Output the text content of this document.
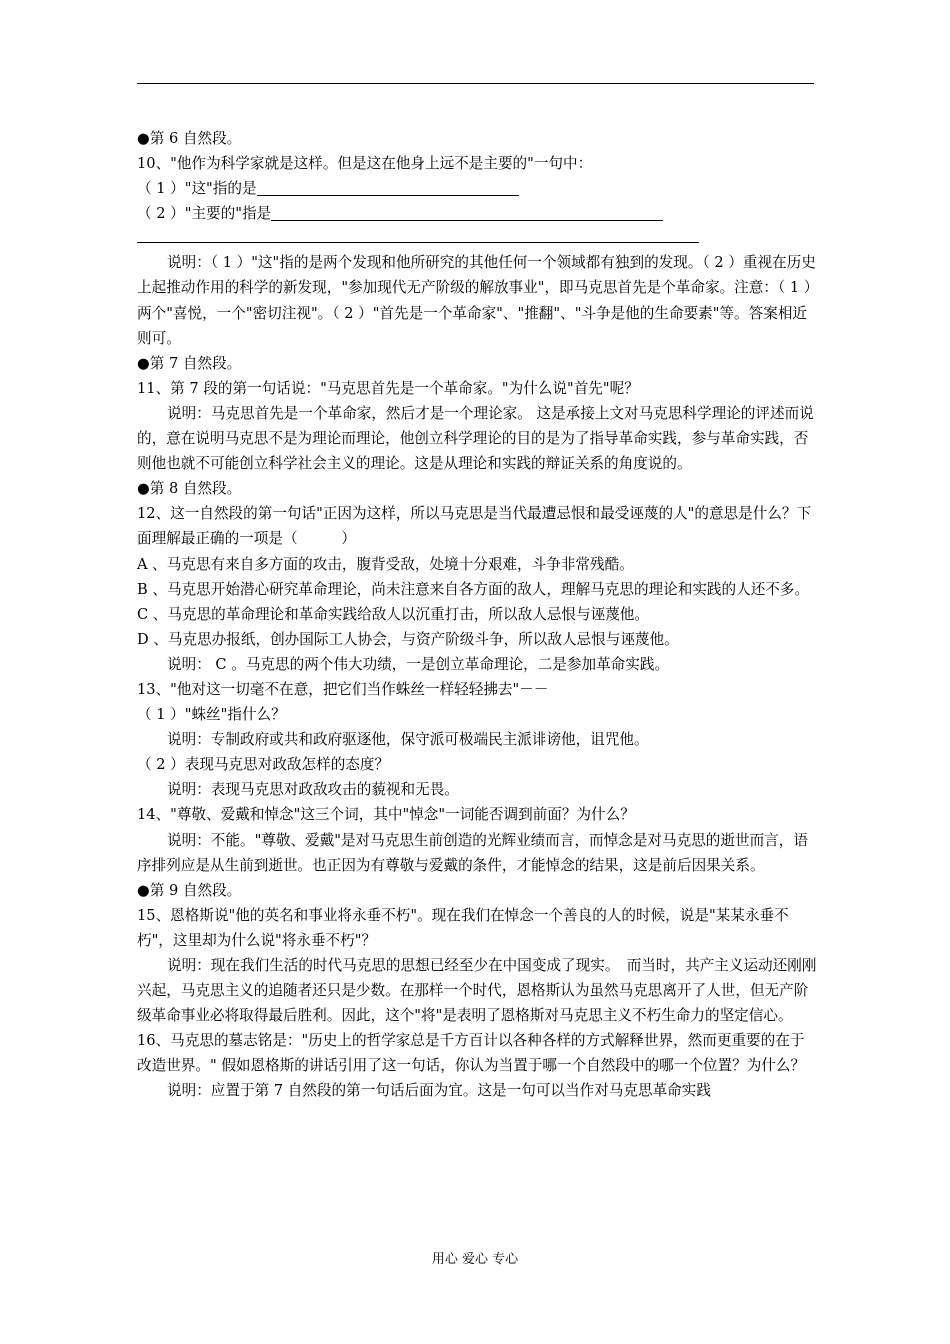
●第 6 自然段。

10、"他作为科学家就是这样。但是这在他身上远不是主要的"一句中：

（ 1 ）"这"指的是

（ 2 ）"主要的"指是

说明：（ 1 ）"这"指的是两个发现和他所研究的其他任何一个领域都有独到的发现。（ 2 ）重视在历史上起推动作用的科学的新发现，"参加现代无产阶级的解放事业"，即马克思首先是个革命家。注意：（ 1 ）两个"喜悦，一个"密切注视"。（ 2 ）"首先是一个革命家"、"推翻"、"斗争是他的生命要素"等。答案相近则可。

●第 7 自然段。

11、第 7 段的第一句话说："马克思首先是一个革命家。"为什么说"首先"呢？

说明：马克思首先是一个革命家，然后才是一个理论家。 这是承接上文对马克思科学理论的评述而说的，意在说明马克思不是为理论而理论，他创立科学理论的目的是为了指导革命实践，参与革命实践，否则他也就不可能创立科学社会主义的理论。这是从理论和实践的辩证关系的角度说的。

●第 8 自然段。

12、这一自然段的第一句话"正因为这样，所以马克思是当代最遭忌恨和最受诬蔑的人"的意思是什么？下面理解最正确的一项是（　　　）

A 、马克思有来自多方面的攻击，腹背受敌，处境十分艰难，斗争非常残酷。

B 、马克思开始潜心研究革命理论，尚未注意来自各方面的敌人，理解马克思的理论和实践的人还不多。

C 、马克思的革命理论和革命实践给敌人以沉重打击，所以敌人忌恨与诬蔑他。

D 、马克思办报纸，创办国际工人协会，与资产阶级斗争，所以敌人忌恨与诬蔑他。

说明： C 。马克思的两个伟大功绩，一是创立革命理论，二是参加革命实践。

13、"他对这一切毫不在意，把它们当作蛛丝一样轻轻拂去"－－

（ 1 ）"蛛丝"指什么？

说明：专制政府或共和政府驱逐他，保守派可极端民主派诽谤他，诅咒他。

（ 2 ）表现马克思对政敌怎样的态度？

说明：表现马克思对政敌攻击的藐视和无畏。

14、"尊敬、爱戴和悼念"这三个词，其中"悼念"一词能否调到前面？为什么？

说明：不能。"尊敬、爱戴"是对马克思生前创造的光辉业绩而言，而悼念是对马克思的逝世而言，语序排列应是从生前到逝世。也正因为有尊敬与爱戴的条件，才能悼念的结果，这是前后因果关系。

●第 9 自然段。

15、恩格斯说"他的英名和事业将永垂不朽"。现在我们在悼念一个善良的人的时候，说是"某某永垂不朽"，这里却为什么说"将永垂不朽"？

说明：现在我们生活的时代马克思的思想已经至少在中国变成了现实。　而当时，共产主义运动还刚刚兴起，马克思主义的追随者还只是少数。在那样一个时代，恩格斯认为虽然马克思离开了人世，但无产阶级革命事业必将取得最后胜利。因此，这个"将"是表明了恩格斯对马克思主义不朽生命力的坚定信心。

16、马克思的墓志铭是："历史上的哲学家总是千方百计以各种各样的方式解释世界，然而更重要的在于改造世界。" 假如恩格斯的讲话引用了这一句话，你认为当置于哪一个自然段中的哪一个位置？为什么？

说明：应置于第 7 自然段的第一句话后面为宜。这是一句可以当作对马克思革命实践

用心 爱心 专心
